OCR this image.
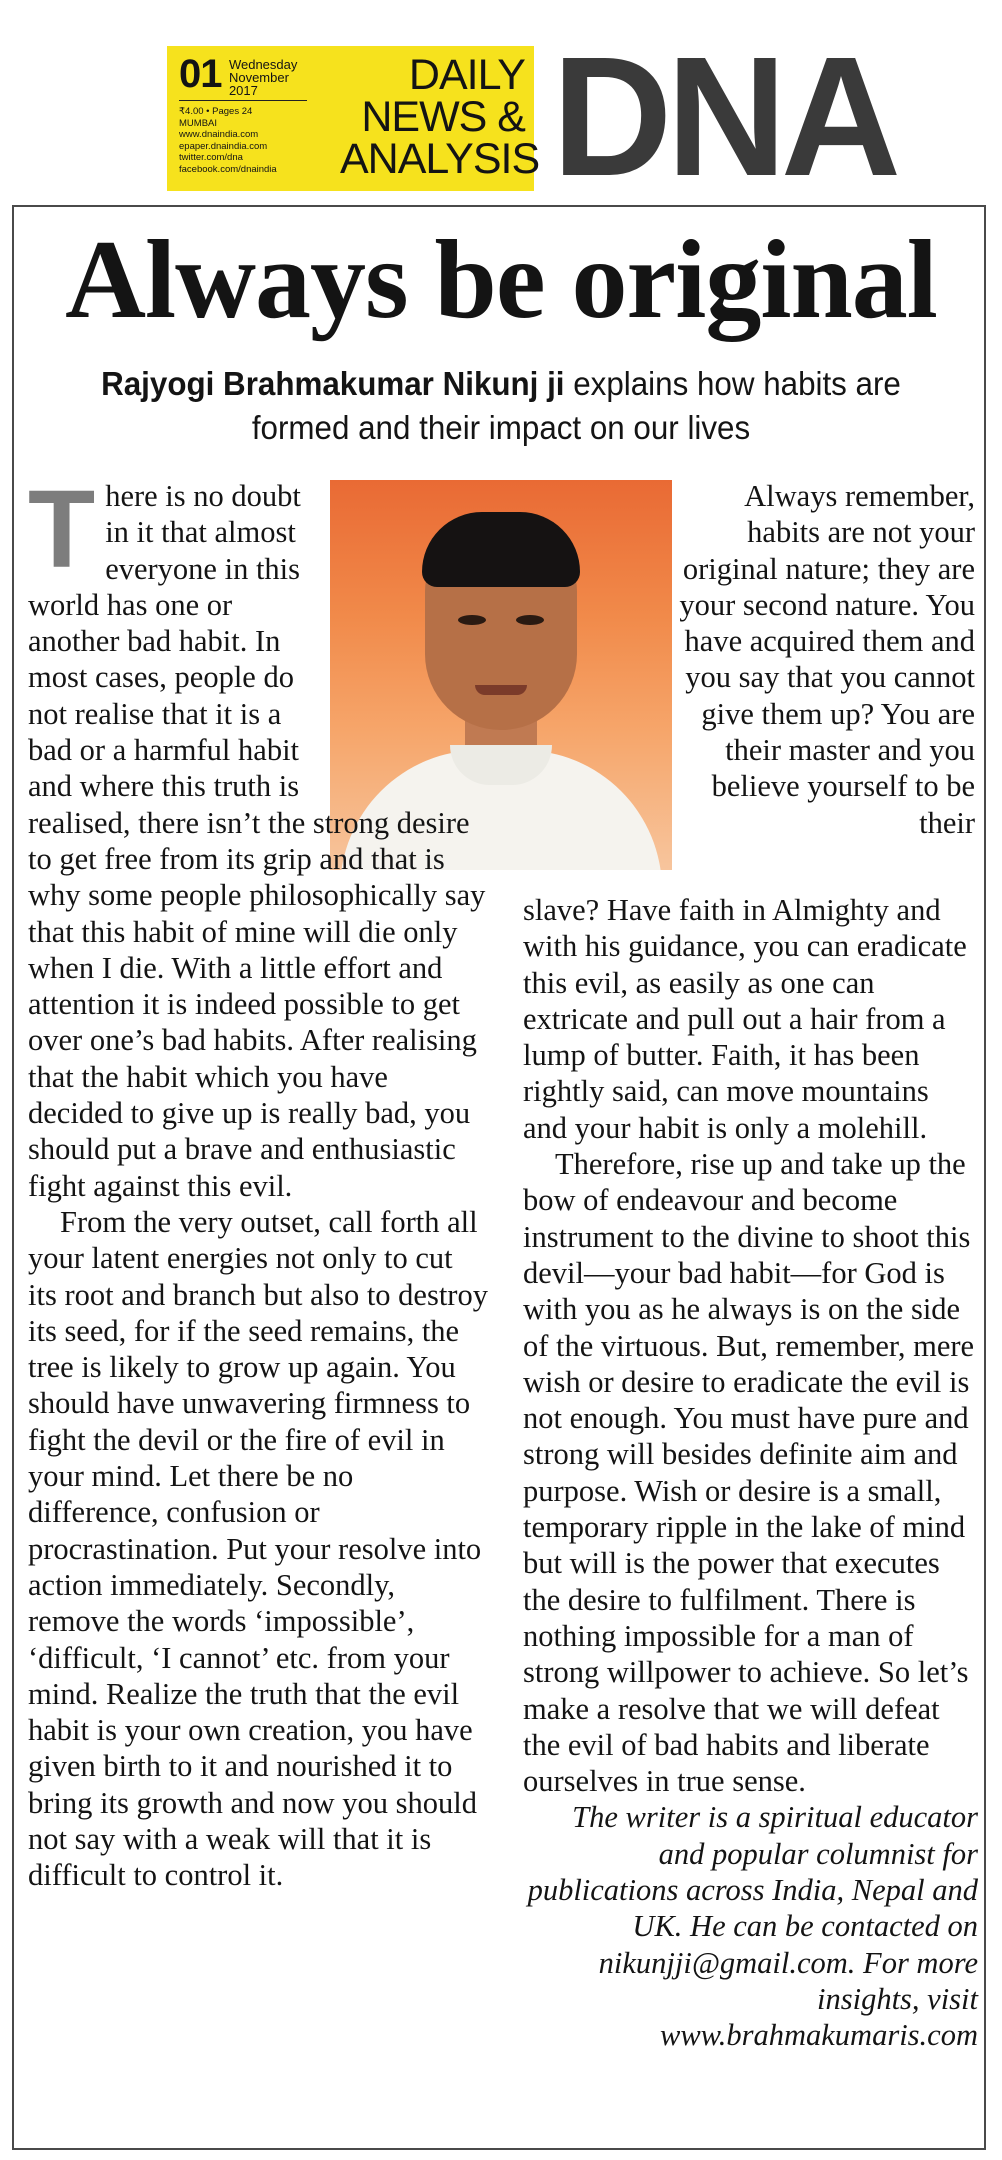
01 Wednesday
November
2017
₹4.00 • Pages 24
MUMBAI
www.dnaindia.com
epaper.dnaindia.com
twitter.com/dna
facebook.com/dnaindia
DAILY
NEWS &
ANALYSIS DNA
Always be original
Rajyogi Brahmakumar Nikunj ji explains how habits are formed and their impact on our lives

There is no doubt in it that almost everyone in this world has one or another bad habit. In most cases, people do not realise that it is a bad or a harmful habit and where this truth is

realised, there isn’t the strong desire to get free from its grip and that is why some people philosophically say that this habit of mine will die only when I die. With a little effort and attention it is indeed possible to get over one’s bad habits. After realising that the habit which you have decided to give up is really bad, you should put a brave and enthusiastic fight against this evil.

From the very outset, call forth all your latent energies not only to cut its root and branch but also to destroy its seed, for if the seed remains, the tree is likely to grow up again. You should have unwavering firmness to fight the devil or the fire of evil in your mind. Let there be no difference, confusion or procrastination. Put your resolve into action immediately. Secondly, remove the words ‘impossible’, ‘difficult, ‘I cannot’ etc. from your mind. Realize the truth that the evil habit is your own creation, you have given birth to it and nourished it to bring its growth and now you should not say with a weak will that it is difficult to control it.

Always remember, habits are not your original nature; they are your second nature. You have acquired them and you say that you cannot give them up? You are their master and you believe yourself to be their

slave? Have faith in Almighty and with his guidance, you can eradicate this evil, as easily as one can extricate and pull out a hair from a lump of butter. Faith, it has been rightly said, can move mountains and your habit is only a molehill.

Therefore, rise up and take up the bow of endeavour and become instrument to the divine to shoot this devil—your bad habit—for God is with you as he always is on the side of the virtuous. But, remember, mere wish or desire to eradicate the evil is not enough. You must have pure and strong will besides definite aim and purpose. Wish or desire is a small, temporary ripple in the lake of mind but will is the power that executes the desire to fulfilment. There is nothing impossible for a man of strong willpower to achieve. So let’s make a resolve that we will defeat the evil of bad habits and liberate ourselves in true sense.

The writer is a spiritual educator and popular columnist for publications across India, Nepal and UK. He can be contacted on nikunjji@gmail.com. For more insights, visit www.brahmakumaris.com
